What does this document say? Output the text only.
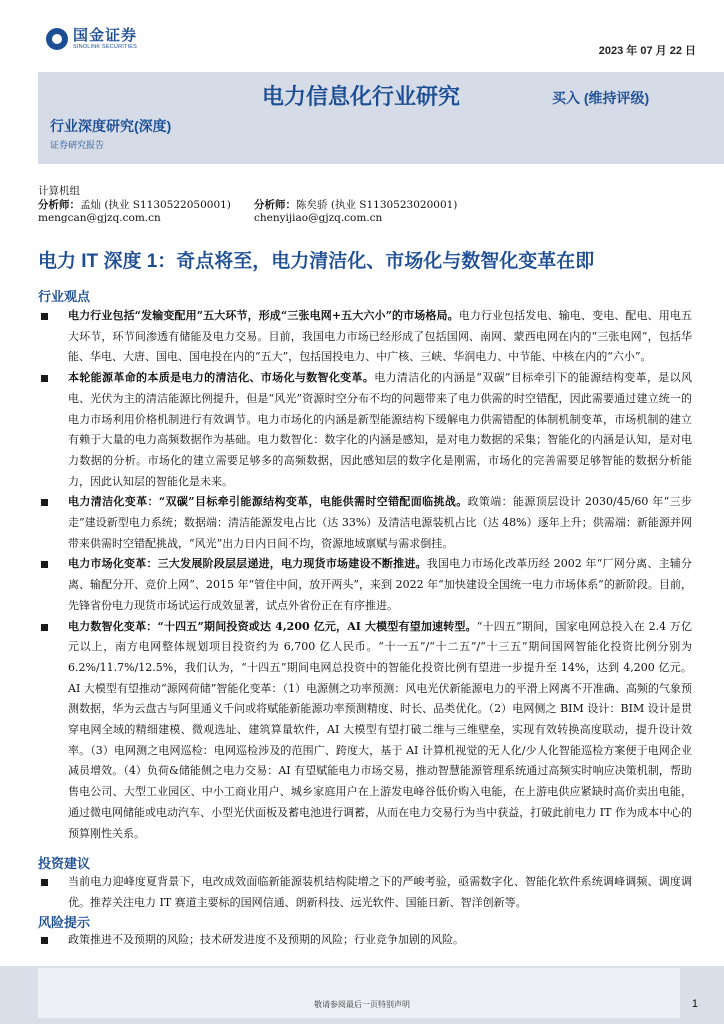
国金证券
SINOLINK SECURITIES	2023 年 07 月 22 日
电力信息化行业研究	买入 (维持评级)
行业深度研究(深度)
证券研究报告
计算机组
分析师：孟灿 (执业 S1130522050001)	分析师：陈矣骄 (执业 S1130523020001)
mengcan@gjzq.com.cn	chenyijiao@gjzq.com.cn
电力 IT 深度 1：奇点将至，电力清洁化、市场化与数智化变革在即
行业观点
电力行业包括“发输变配用”五大环节，形成“三张电网+五大六小”的市场格局。电力行业包括发电、输电、变电、配电、用电五大环节，环节间渗透有储能及电力交易。目前，我国电力市场已经形成了包括国网、南网、蒙西电网在内的“三张电网”，包括华能、华电、大唐、国电、国电投在内的“五大”，包括国投电力、中广核、三峡、华润电力、中节能、中核在内的“六小”。
本轮能源革命的本质是电力的清洁化、市场化与数智化变革。电力清洁化的内涵是“双碳”目标牵引下的能源结构变革，是以风电、光伏为主的清洁能源比例提升，但是“风光”资源时空分布不均的问题带来了电力供需的时空错配，因此需要通过建立统一的电力市场利用价格机制进行有效调节。电力市场化的内涵是新型能源结构下缓解电力供需错配的体制机制变革，市场机制的建立有赖于大量的电力高频数据作为基础。电力数智化：数字化的内涵是感知，是对电力数据的采集；智能化的内涵是认知，是对电力数据的分析。市场化的建立需要足够多的高频数据，因此感知层的数字化是刚需，市场化的完善需要足够智能的数据分析能力，因此认知层的智能化是未来。
电力清洁化变革：“双碳”目标牵引能源结构变革，电能供需时空错配面临挑战。政策端：能源顶层设计 2030/45/60 年“三步走”建设新型电力系统；数据端：清洁能源发电占比（达 33%）及清洁电源装机占比（达 48%）逐年上升；供需端：新能源并网带来供需时空错配挑战，“风光”出力日内日间不均，资源地域禀赋与需求倒挂。
电力市场化变革：三大发展阶段层层递进，电力现货市场建设不断推进。我国电力市场化改革历经 2002 年“厂网分离、主辅分离、输配分开、竞价上网”、2015 年“管住中间，放开两头”，来到 2022 年“加快建设全国统一电力市场体系”的新阶段。目前，先锋省份电力现货市场试运行成效显著，试点外省份正在有序推进。
电力数智化变革：“十四五”期间投资或达 4,200 亿元，AI 大模型有望加速转型。“十四五”期间，国家电网总投入在 2.4 万亿元以上，南方电网整体规划项目投资约为 6,700 亿人民币。“十一五”/“十二五”/“十三五”期间国网智能化投资比例分别为 6.2%/11.7%/12.5%，我们认为，“十四五”期间电网总投资中的智能化投资比例有望进一步提升至 14%，达到 4,200 亿元。AI 大模型有望推动“源网荷储”智能化变革：（1）电源侧之功率预测：风电光伏新能源电力的平滑上网离不开准确、高频的气象预测数据，华为云盘古与阿里通义千问或将赋能新能源功率预测精度、时长、品类优化。（2）电网侧之 BIM 设计：BIM 设计是贯穿电网全域的精细建模、微观选址、建筑算量软件，AI 大模型有望打破二维与三维壁垒，实现有效转换高度联动，提升设计效率。（3）电网测之电网巡检：电网巡检涉及的范围广、跨度大，基于 AI 计算机视觉的无人化/少人化智能巡检方案便于电网企业减员增效。（4）负荷&储能侧之电力交易：AI 有望赋能电力市场交易，推动智慧能源管理系统通过高频实时响应决策机制，帮助售电公司、大型工业园区、中小工商业用户、城乡家庭用户在上游发电峰谷低价购入电能，在上游电供应紧缺时高价卖出电能，通过微电网储能或电动汽车、小型光伏面板及蓄电池进行调蓄，从而在电力交易行为当中获益，打破此前电力 IT 作为成本中心的预算刚性关系。
投资建议
当前电力迎峰度夏背景下，电改成效面临新能源装机结构陡增之下的严峻考验，亟需数字化、智能化软件系统调峰调频、调度调优。推荐关注电力 IT 赛道主要标的国网信通、朗新科技、远光软件、国能日新、智洋创新等。
风险提示
政策推进不及预期的风险；技术研发进度不及预期的风险；行业竞争加剧的风险。
敬请参阅最后一页特别声明	1
